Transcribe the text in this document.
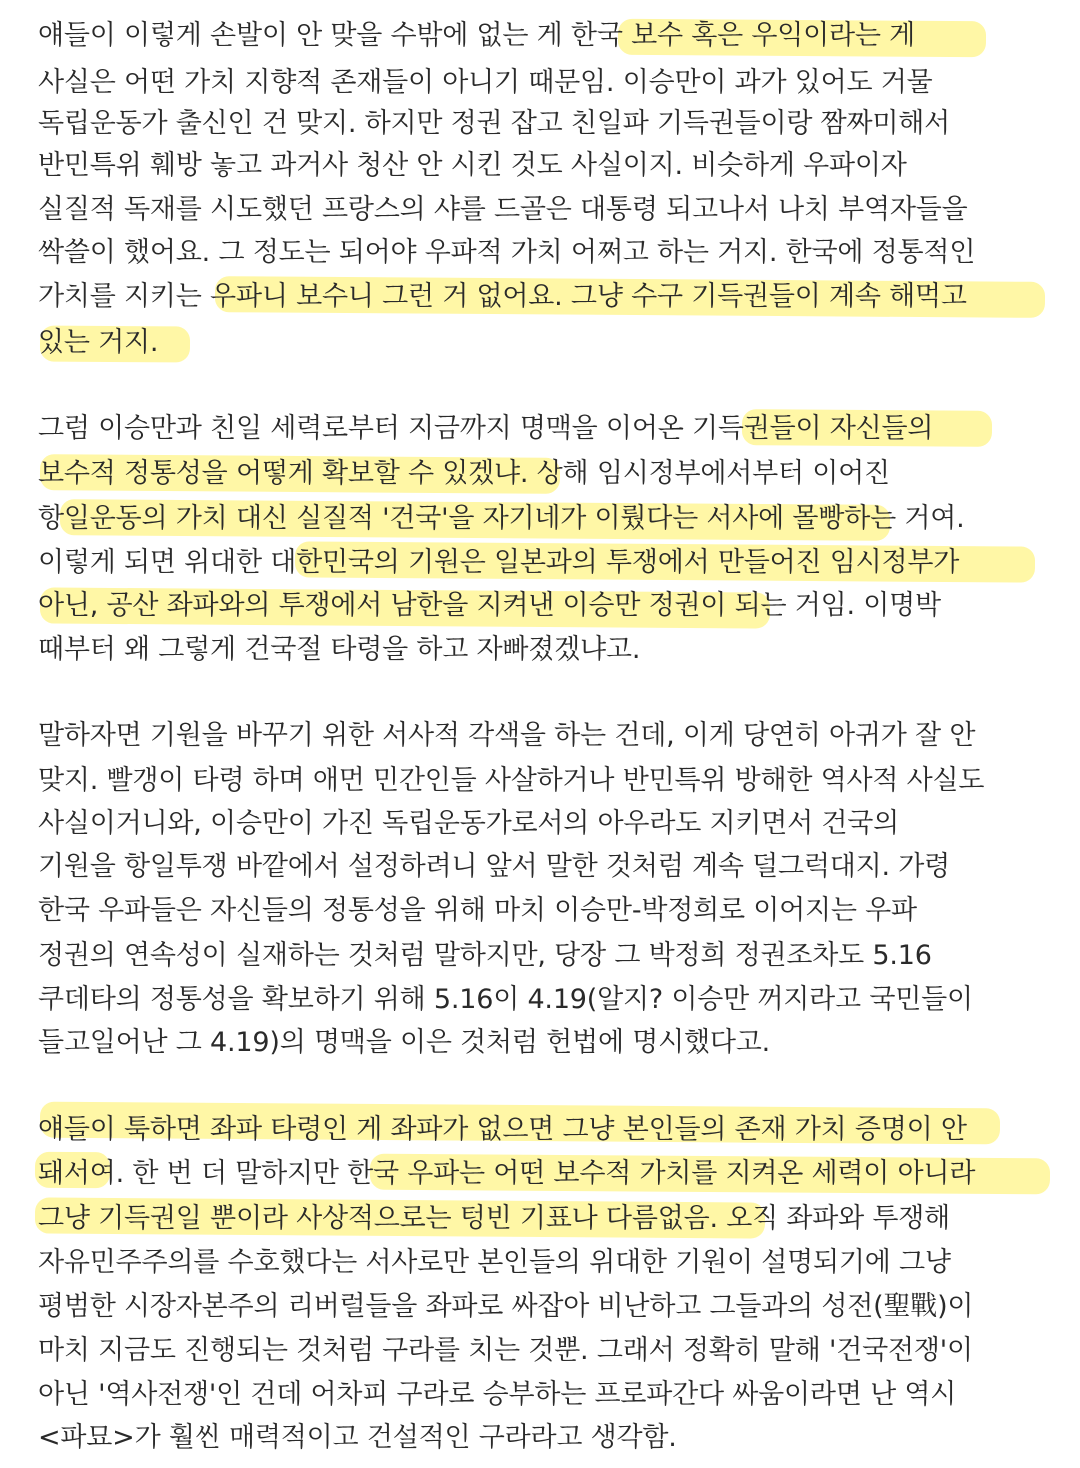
얘들이 이렇게 손발이 안 맞을 수밖에 없는 게 한국 보수 혹은 우익이라는 게
사실은 어떤 가치 지향적 존재들이 아니기 때문임. 이승만이 과가 있어도 거물
독립운동가 출신인 건 맞지. 하지만 정권 잡고 친일파 기득권들이랑 짬짜미해서
반민특위 훼방 놓고 과거사 청산 안 시킨 것도 사실이지. 비슷하게 우파이자
실질적 독재를 시도했던 프랑스의 샤를 드골은 대통령 되고나서 나치 부역자들을
싹쓸이 했어요. 그 정도는 되어야 우파적 가치 어쩌고 하는 거지. 한국에 정통적인
가치를 지키는 우파니 보수니 그런 거 없어요. 그냥 수구 기득권들이 계속 해먹고
있는 거지.
그럼 이승만과 친일 세력로부터 지금까지 명맥을 이어온 기득권들이 자신들의
보수적 정통성을 어떻게 확보할 수 있겠냐. 상해 임시정부에서부터 이어진
항일운동의 가치 대신 실질적 '건국'을 자기네가 이뤘다는 서사에 몰빵하는 거여.
이렇게 되면 위대한 대한민국의 기원은 일본과의 투쟁에서 만들어진 임시정부가
아닌, 공산 좌파와의 투쟁에서 남한을 지켜낸 이승만 정권이 되는 거임. 이명박
때부터 왜 그렇게 건국절 타령을 하고 자빠졌겠냐고.
말하자면 기원을 바꾸기 위한 서사적 각색을 하는 건데, 이게 당연히 아귀가 잘 안
맞지. 빨갱이 타령 하며 애먼 민간인들 사살하거나 반민특위 방해한 역사적 사실도
사실이거니와, 이승만이 가진 독립운동가로서의 아우라도 지키면서 건국의
기원을 항일투쟁 바깥에서 설정하려니 앞서 말한 것처럼 계속 덜그럭대지. 가령
한국 우파들은 자신들의 정통성을 위해 마치 이승만-박정희로 이어지는 우파
정권의 연속성이 실재하는 것처럼 말하지만, 당장 그 박정희 정권조차도 5.16
쿠데타의 정통성을 확보하기 위해 5.16이 4.19(알지? 이승만 꺼지라고 국민들이
들고일어난 그 4.19)의 명맥을 이은 것처럼 헌법에 명시했다고.
얘들이 툭하면 좌파 타령인 게 좌파가 없으면 그냥 본인들의 존재 가치 증명이 안
돼서여. 한 번 더 말하지만 한국 우파는 어떤 보수적 가치를 지켜온 세력이 아니라
그냥 기득권일 뿐이라 사상적으로는 텅빈 기표나 다름없음. 오직 좌파와 투쟁해
자유민주주의를 수호했다는 서사로만 본인들의 위대한 기원이 설명되기에 그냥
평범한 시장자본주의 리버럴들을 좌파로 싸잡아 비난하고 그들과의 성전(聖戰)이
마치 지금도 진행되는 것처럼 구라를 치는 것뿐. 그래서 정확히 말해 '건국전쟁'이
아닌 '역사전쟁'인 건데 어차피 구라로 승부하는 프로파간다 싸움이라면 난 역시
<파묘>가 훨씬 매력적이고 건설적인 구라라고 생각함.
